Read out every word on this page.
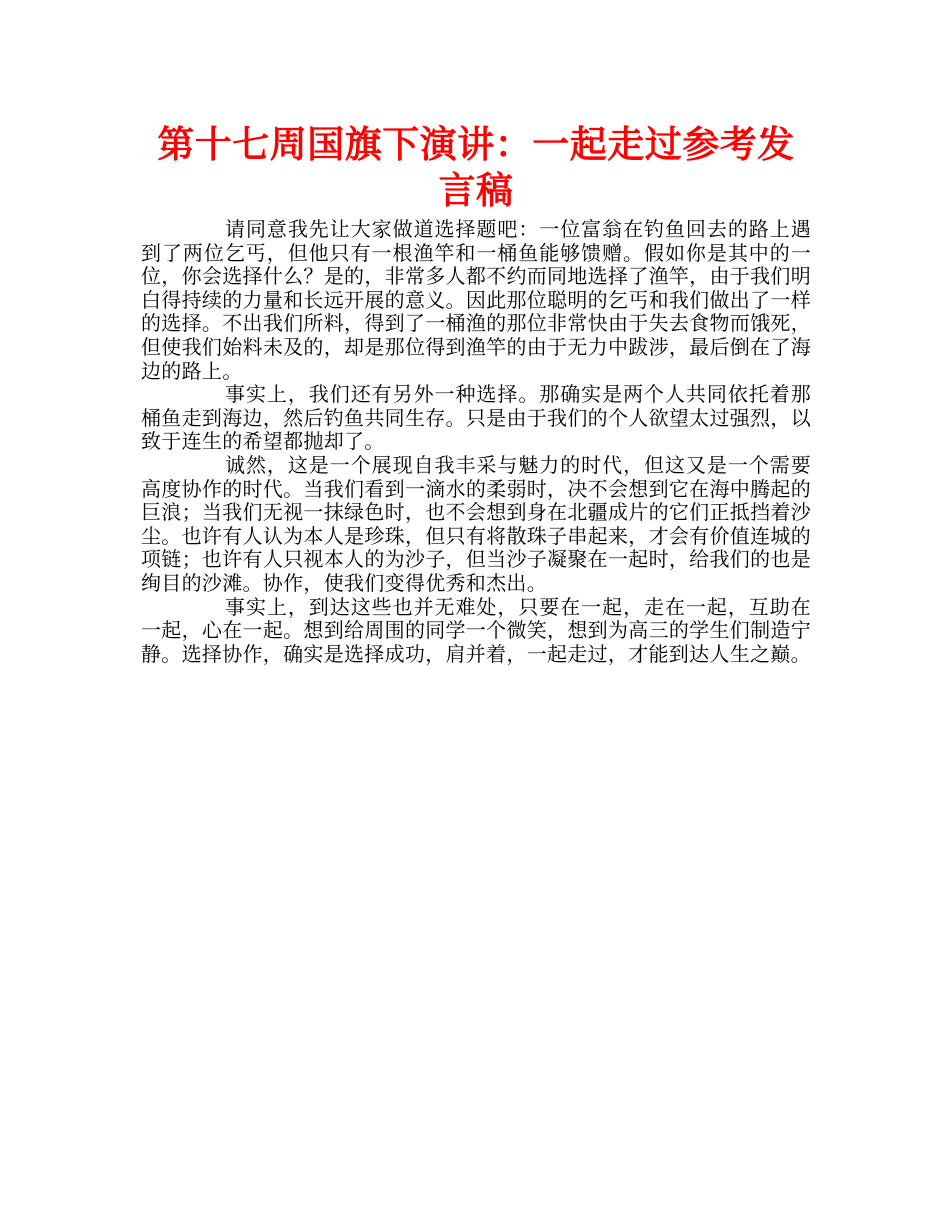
第十七周国旗下演讲：一起走过参考发言稿

请同意我先让大家做道选择题吧：一位富翁在钓鱼回去的路上遇到了两位乞丐，但他只有一根渔竿和一桶鱼能够馈赠。假如你是其中的一位，你会选择什么？是的，非常多人都不约而同地选择了渔竿，由于我们明白得持续的力量和长远开展的意义。因此那位聪明的乞丐和我们做出了一样的选择。不出我们所料，得到了一桶渔的那位非常快由于失去食物而饿死，但使我们始料未及的，却是那位得到渔竿的由于无力中跋涉，最后倒在了海边的路上。

事实上，我们还有另外一种选择。那确实是两个人共同依托着那桶鱼走到海边，然后钓鱼共同生存。只是由于我们的个人欲望太过强烈，以致于连生的希望都抛却了。

诚然，这是一个展现自我丰采与魅力的时代，但这又是一个需要高度协作的时代。当我们看到一滴水的柔弱时，决不会想到它在海中腾起的巨浪；当我们无视一抹绿色时，也不会想到身在北疆成片的它们正抵挡着沙尘。也许有人认为本人是珍珠，但只有将散珠子串起来，才会有价值连城的项链；也许有人只视本人的为沙子，但当沙子凝聚在一起时，给我们的也是绚目的沙滩。协作，使我们变得优秀和杰出。

事实上，到达这些也并无难处，只要在一起，走在一起，互助在一起，心在一起。想到给周围的同学一个微笑，想到为高三的学生们制造宁静。选择协作，确实是选择成功，肩并着，一起走过，才能到达人生之巅。
